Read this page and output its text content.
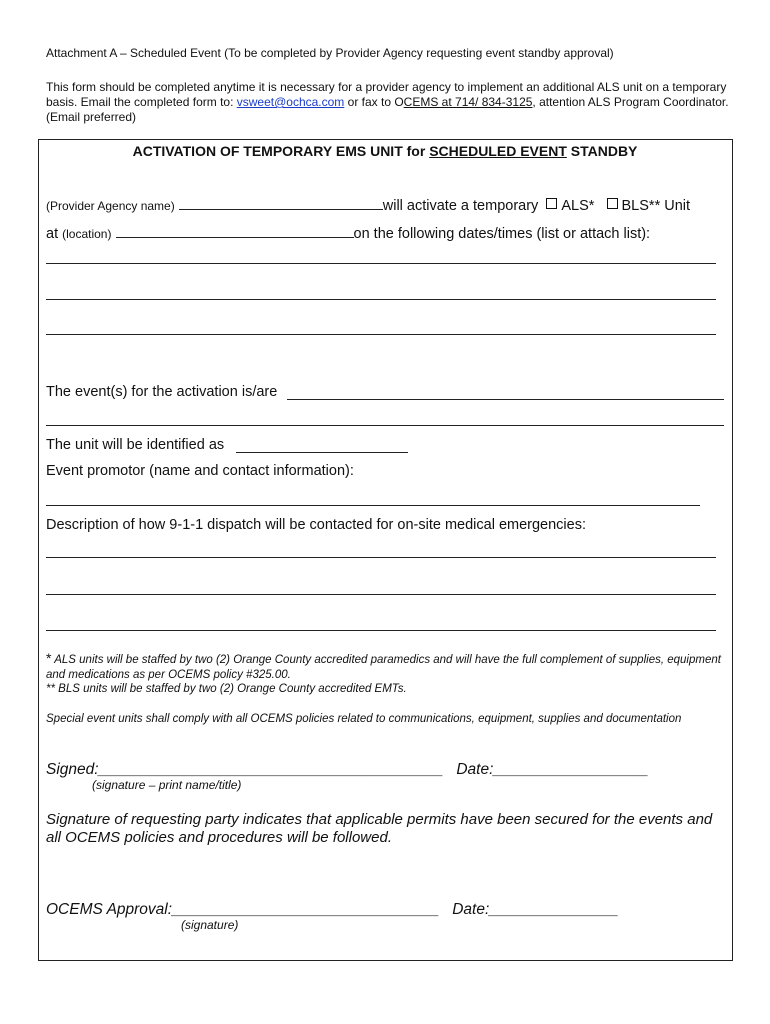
Attachment A – Scheduled Event (To be completed by Provider Agency requesting event standby approval)
This form should be completed anytime it is necessary for a provider agency to implement an additional ALS unit on a temporary basis. Email the completed form to: vsweet@ochca.com or fax to OCEMS at 714/ 834-3125, attention ALS Program Coordinator. (Email preferred)
ACTIVATION OF TEMPORARY EMS UNIT for SCHEDULED EVENT STANDBY
(Provider Agency name)	will activate a temporary ALS* BLS** Unit
at (location)	on the following dates/times (list or attach list):
The event(s) for the activation is/are
The unit will be identified as
Event promotor (name and contact information):
Description of how 9-1-1 dispatch will be contacted for on-site medical emergencies:
* ALS units will be staffed by two (2) Orange County accredited paramedics and will have the full complement of supplies, equipment and medications as per OCEMS policy #325.00.
** BLS units will be staffed by two (2) Orange County accredited EMTs.
Special event units shall comply with all OCEMS policies related to communications, equipment, supplies and documentation
Signed:________________________________________ Date:__________________
(signature – print name/title)
Signature of requesting party indicates that applicable permits have been secured for the events and all OCEMS policies and procedures will be followed.
OCEMS Approval:_______________________________ Date:_______________
(signature)
